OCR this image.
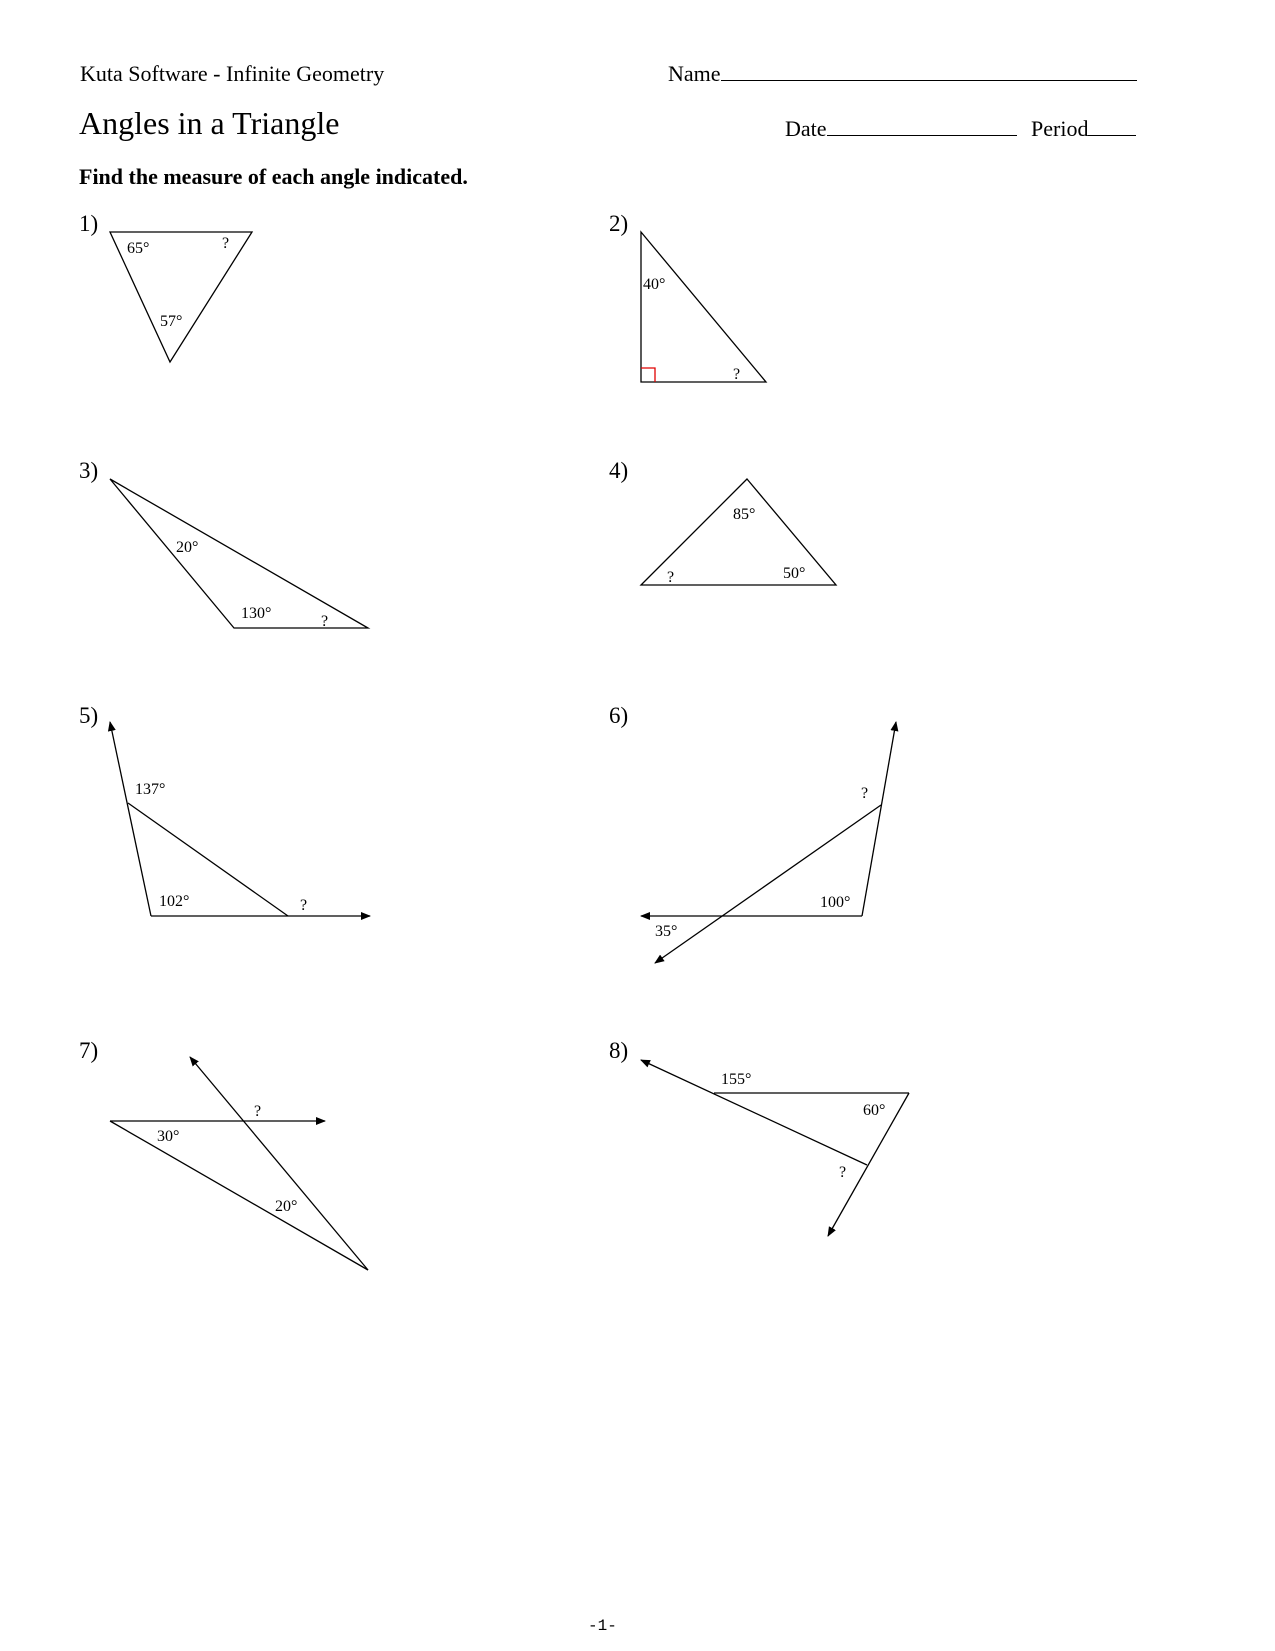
Kuta Software - Infinite Geometry	Name
Angles in a Triangle	Date	Period
Find the measure of each angle indicated.
1)	2)
3)	4)
5)	6)
7)	8)
65°	?
57°
40°
?
20°
130°	?
85°
?	50°
137°
102°	?
?
100°
35°
?
30°
20°
155°
60°
?
-1-
